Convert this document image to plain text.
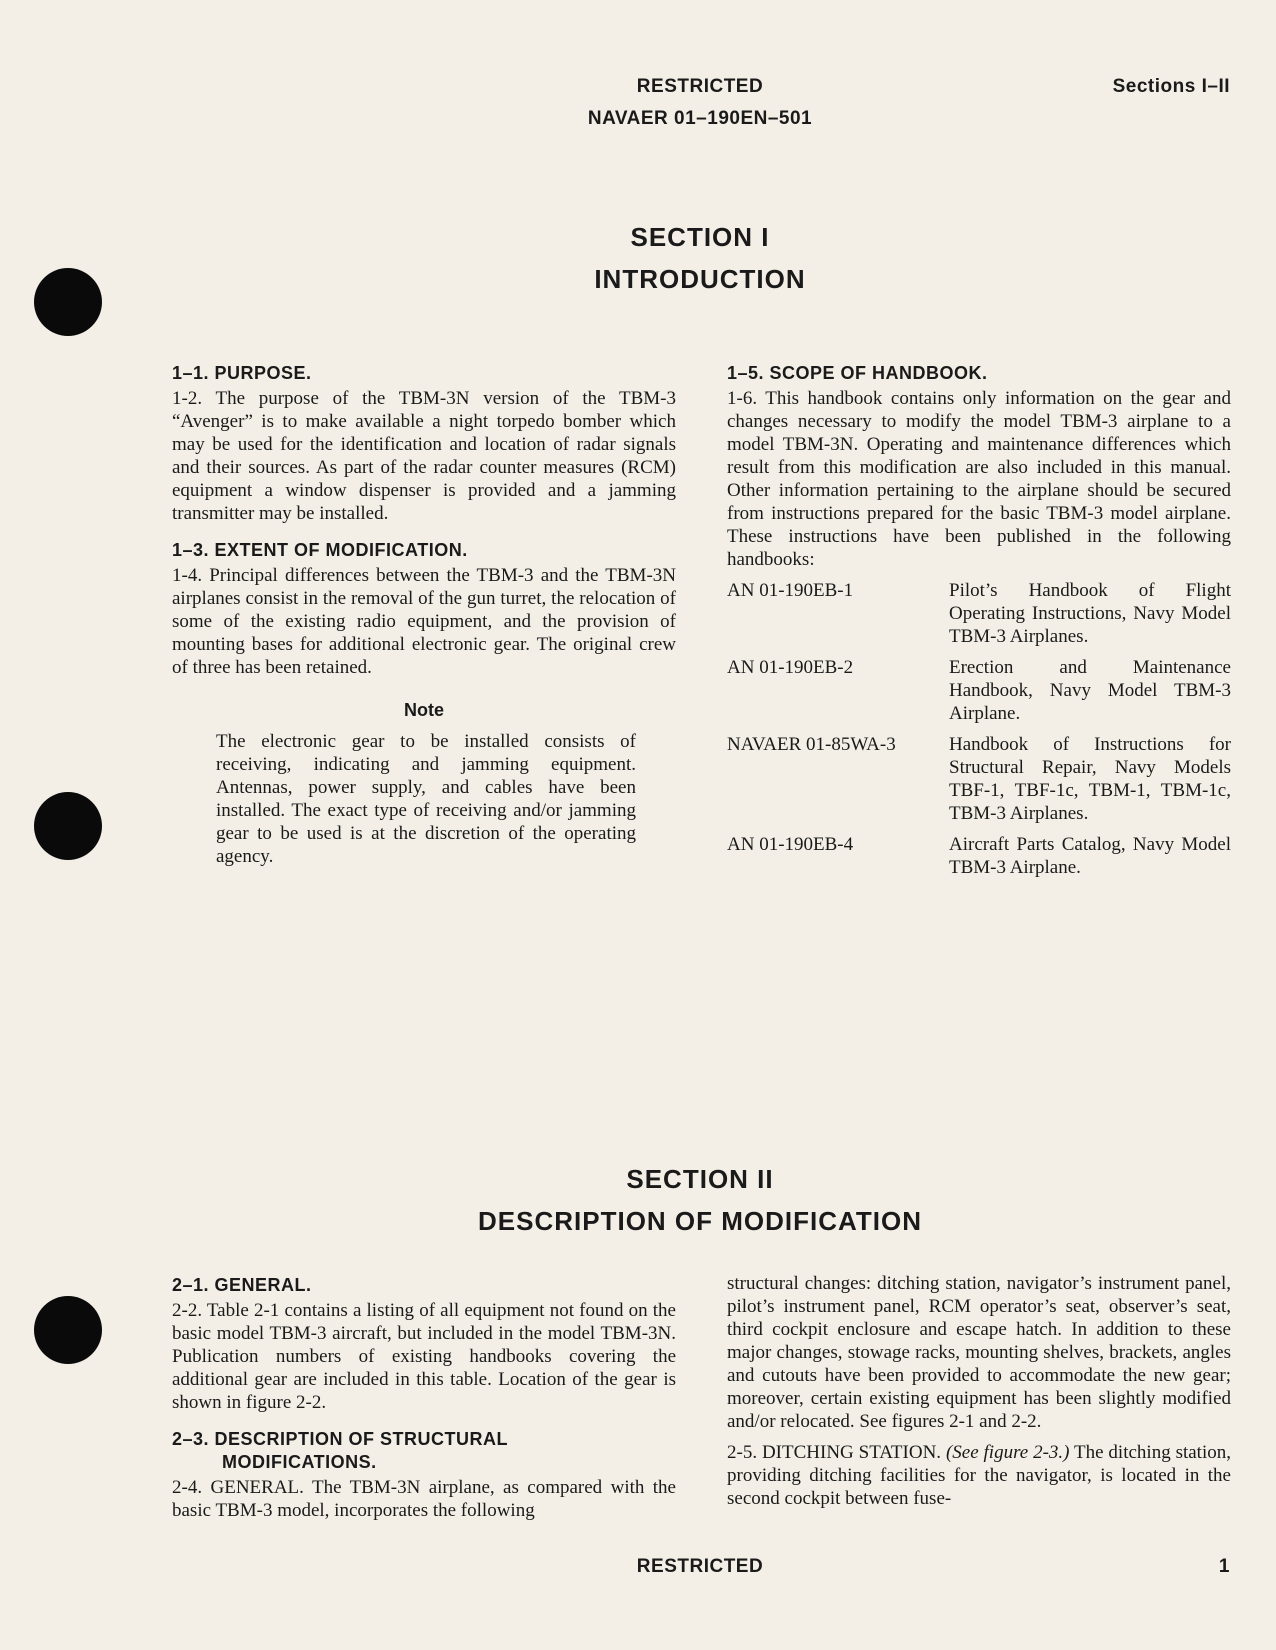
RESTRICTED
NAVAER 01–190EN–501
Sections I–II
SECTION I
INTRODUCTION
1–1. PURPOSE.

1-2. The purpose of the TBM-3N version of the TBM-3 “Avenger” is to make available a night torpedo bomber which may be used for the identification and location of radar signals and their sources. As part of the radar counter measures (RCM) equipment a window dispenser is provided and a jamming transmitter may be installed.

1–3. EXTENT OF MODIFICATION.

1-4. Principal differences between the TBM-3 and the TBM-3N airplanes consist in the removal of the gun turret, the relocation of some of the existing radio equipment, and the provision of mounting bases for additional electronic gear. The original crew of three has been retained.

Note

The electronic gear to be installed consists of receiving, indicating and jamming equipment. Antennas, power supply, and cables have been installed. The exact type of receiving and/or jamming gear to be used is at the discretion of the operating agency.

1–5. SCOPE OF HANDBOOK.

1-6. This handbook contains only information on the gear and changes necessary to modify the model TBM-3 airplane to a model TBM-3N. Operating and maintenance differences which result from this modification are also included in this manual. Other information pertaining to the airplane should be secured from instructions prepared for the basic TBM-3 model airplane. These instructions have been published in the following handbooks:

AN 01-190EB-1	Pilot’s Handbook of Flight Operating Instructions, Navy Model TBM-3 Airplanes.
AN 01-190EB-2	Erection and Maintenance Handbook, Navy Model TBM-3 Airplane.
NAVAER 01-85WA-3	Handbook of Instructions for Structural Repair, Navy Models TBF-1, TBF-1c, TBM-1, TBM-1c, TBM-3 Airplanes.
AN 01-190EB-4	Aircraft Parts Catalog, Navy Model TBM-3 Airplane.
SECTION II
DESCRIPTION OF MODIFICATION
2–1. GENERAL.

2-2. Table 2-1 contains a listing of all equipment not found on the basic model TBM-3 aircraft, but included in the model TBM-3N. Publication numbers of existing handbooks covering the additional gear are included in this table. Location of the gear is shown in figure 2-2.

2–3. DESCRIPTION OF STRUCTURAL
MODIFICATIONS.

2-4. GENERAL. The TBM-3N airplane, as compared with the basic TBM-3 model, incorporates the following

structural changes: ditching station, navigator’s instrument panel, pilot’s instrument panel, RCM operator’s seat, observer’s seat, third cockpit enclosure and escape hatch. In addition to these major changes, stowage racks, mounting shelves, brackets, angles and cutouts have been provided to accommodate the new gear; moreover, certain existing equipment has been slightly modified and/or relocated. See figures 2-1 and 2-2.

2-5. DITCHING STATION. (See figure 2-3.) The ditching station, providing ditching facilities for the navigator, is located in the second cockpit between fuse-

RESTRICTED	1
